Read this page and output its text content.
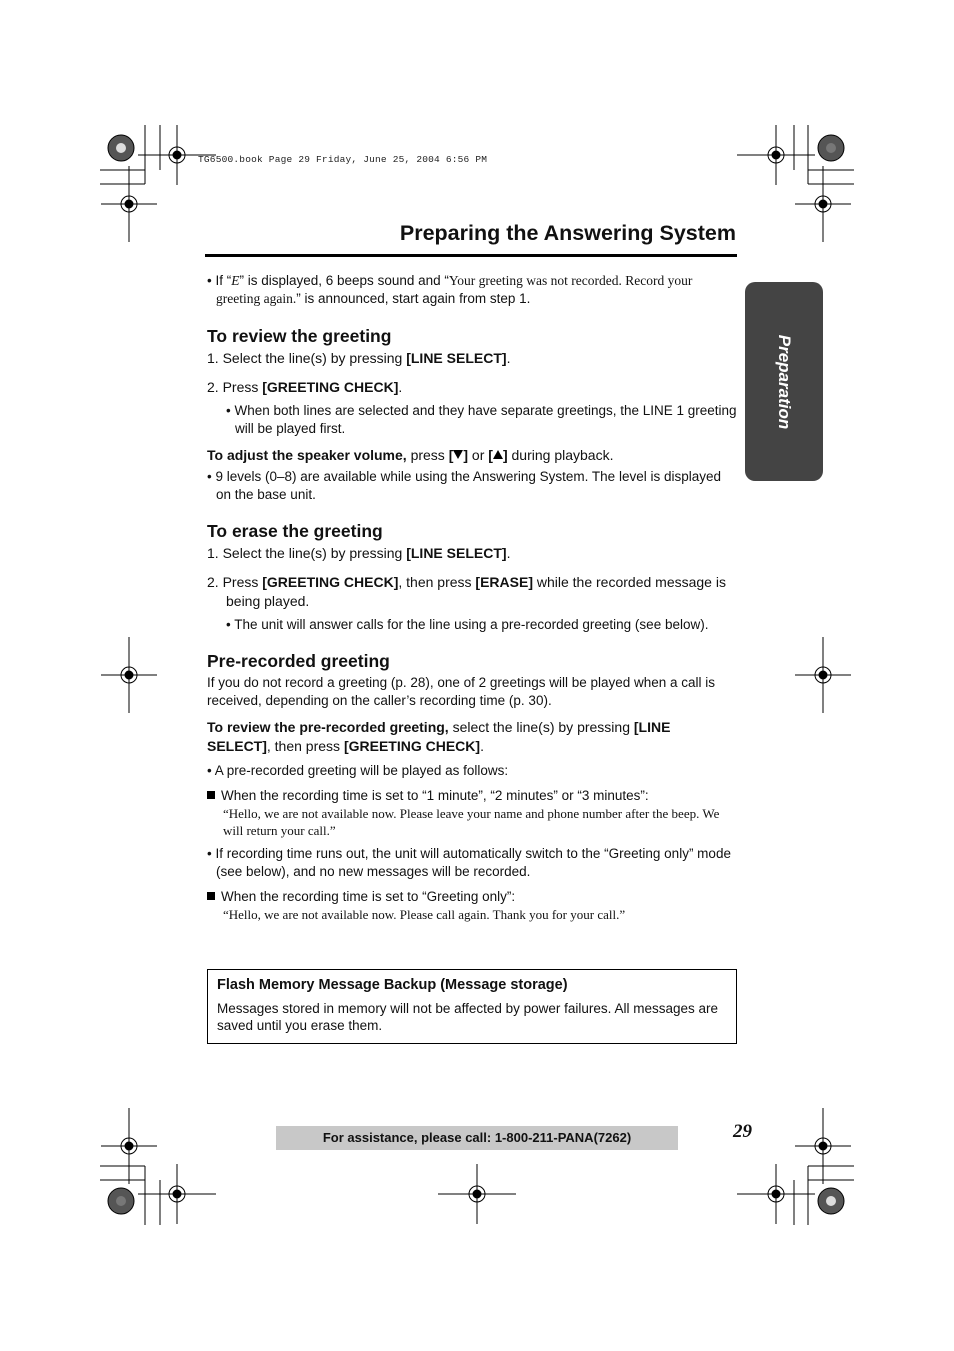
TG6500.book Page 29 Friday, June 25, 2004 6:56 PM
Preparing the Answering System
Preparation

• If “E” is displayed, 6 beeps sound and “Your greeting was not recorded. Record your greeting again.” is announced, start again from step 1.

To review the greeting

1. Select the line(s) by pressing [LINE SELECT].

2. Press [GREETING CHECK].

• When both lines are selected and they have separate greetings, the LINE 1 greeting will be played first.

To adjust the speaker volume, press [ ] or [ ] during playback.

• 9 levels (0–8) are available while using the Answering System. The level is displayed on the base unit.

To erase the greeting

1. Select the line(s) by pressing [LINE SELECT].

2. Press [GREETING CHECK], then press [ERASE] while the recorded message is being played.

• The unit will answer calls for the line using a pre-recorded greeting (see below).

Pre-recorded greeting

If you do not record a greeting (p. 28), one of 2 greetings will be played when a call is received, depending on the caller’s recording time (p. 30).

To review the pre-recorded greeting, select the line(s) by pressing [LINE SELECT], then press [GREETING CHECK].

• A pre-recorded greeting will be played as follows:

When the recording time is set to “1 minute”, “2 minutes” or “3 minutes”:

“Hello, we are not available now. Please leave your name and phone number after the beep. We will return your call.”

• If recording time runs out, the unit will automatically switch to the “Greeting only” mode (see below), and no new messages will be recorded.

When the recording time is set to “Greeting only”:

“Hello, we are not available now. Please call again. Thank you for your call.”

Flash Memory Message Backup (Message storage)
Messages stored in memory will not be affected by power failures. All messages are saved until you erase them.
For assistance, please call: 1-800-211-PANA(7262)	29
